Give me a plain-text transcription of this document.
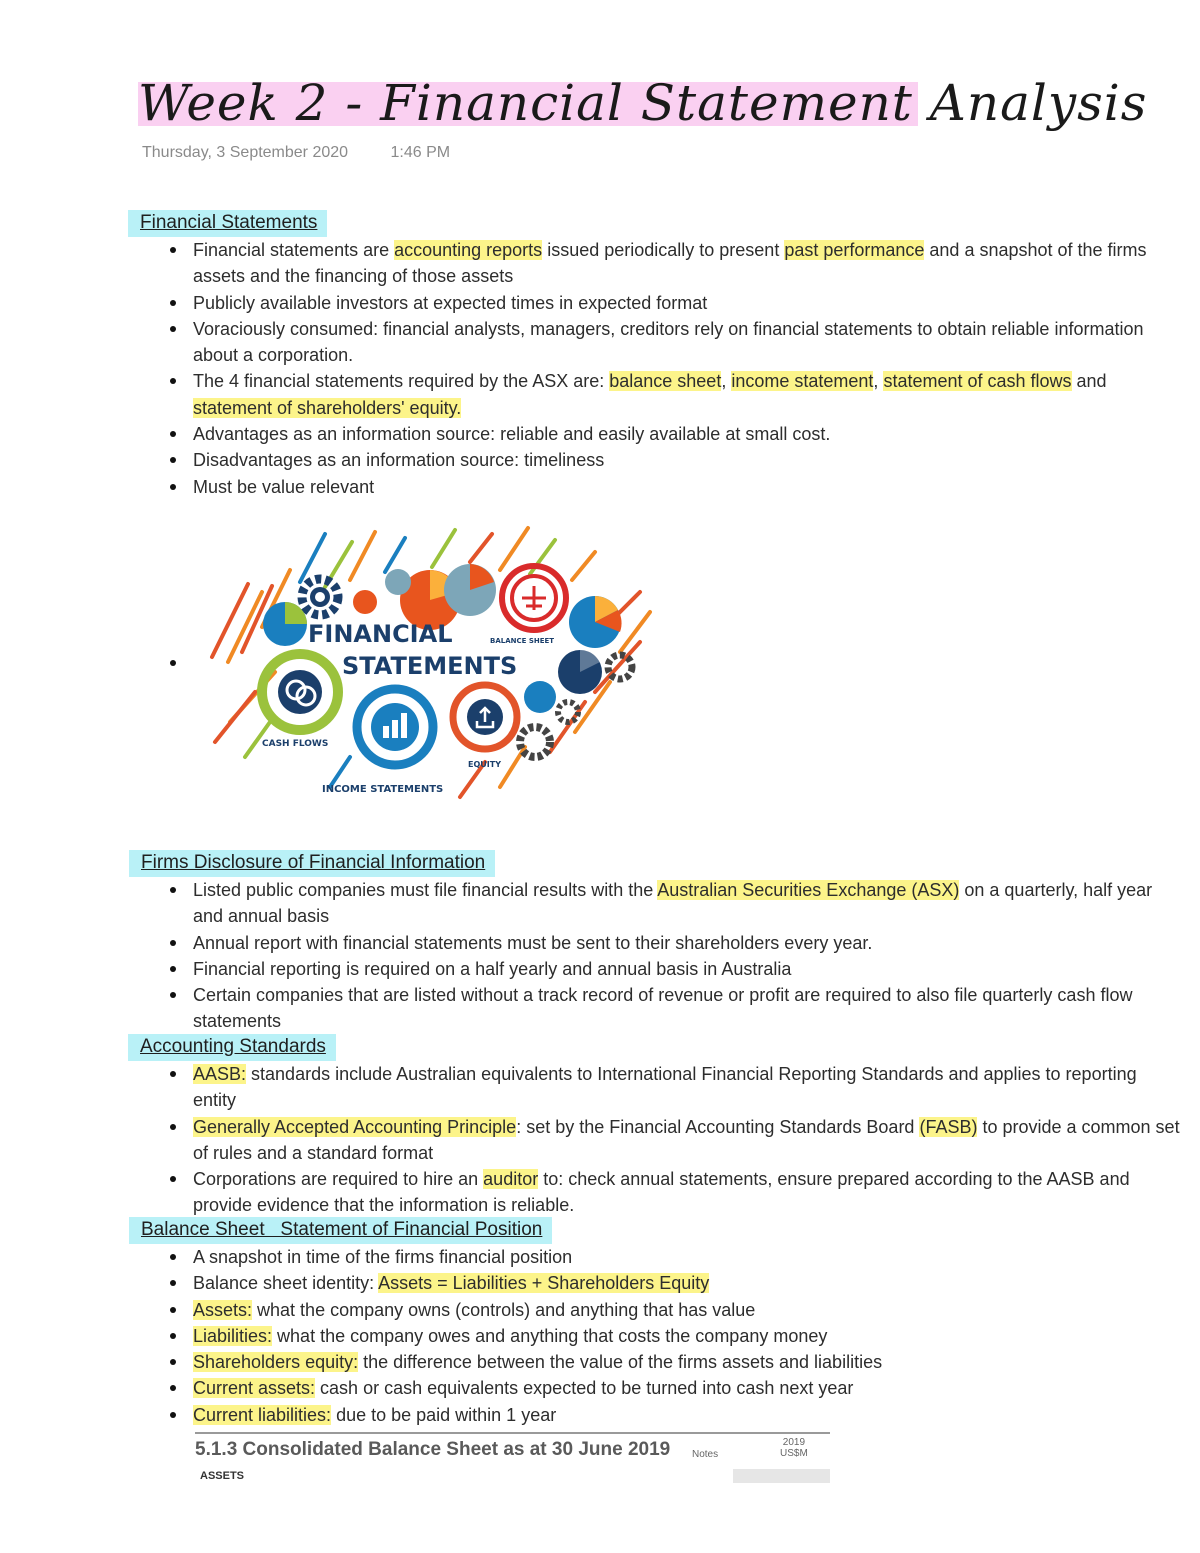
Week 2 - Financial Statement Analysis
Thursday, 3 September 2020	1:46 PM
Financial Statements
Financial statements are accounting reports issued periodically to present past performance and a snapshot of the firms assets and the financing of those assets
Publicly available investors at expected times in expected format
Voraciously consumed: financial analysts, managers, creditors rely on financial statements to obtain reliable information about a corporation.
The 4 financial statements required by the ASX are: balance sheet, income statement, statement of cash flows and statement of shareholders' equity.
Advantages as an information source: reliable and easily available at small cost.
Disadvantages as an information source: timeliness
Must be value relevant
FINANCIAL
STATEMENTS
BALANCE SHEET
CASH FLOWS
EQUITY
INCOME STATEMENTS
Firms Disclosure of Financial Information
Listed public companies must file financial results with the Australian Securities Exchange (ASX) on a quarterly, half year and annual basis
Annual report with financial statements must be sent to their shareholders every year.
Financial reporting is required on a half yearly and annual basis in Australia
Certain companies that are listed without a track record of revenue or profit are required to also file quarterly cash flow statements
Accounting Standards
AASB: standards include Australian equivalents to International Financial Reporting Standards and applies to reporting entity
Generally Accepted Accounting Principle: set by the Financial Accounting Standards Board (FASB) to provide a common set of rules and a standard format
Corporations are required to hire an auditor to: check annual statements, ensure prepared according to the AASB and provide evidence that the information is reliable.
Balance Sheet   Statement of Financial Position
A snapshot in time of the firms financial position
Balance sheet identity: Assets = Liabilities + Shareholders Equity
Assets: what the company owns (controls) and anything that has value
Liabilities: what the company owes and anything that costs the company money
Shareholders equity: the difference between the value of the firms assets and liabilities
Current assets: cash or cash equivalents expected to be turned into cash next year
Current liabilities: due to be paid within 1 year
5.1.3 Consolidated Balance Sheet as at 30 June 2019 Notes
2019
US$M
ASSETS
